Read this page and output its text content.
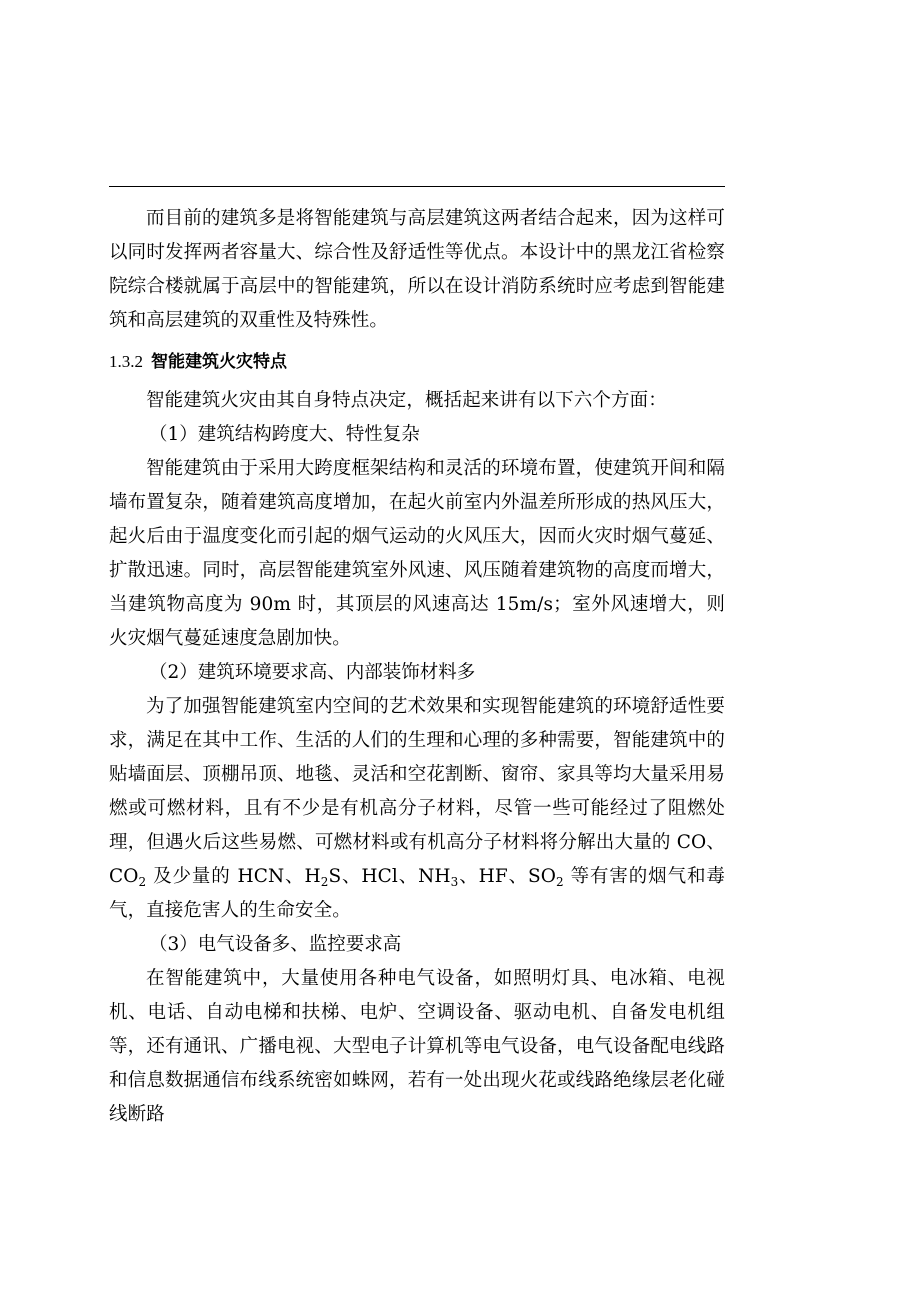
而目前的建筑多是将智能建筑与高层建筑这两者结合起来，因为这样可以同时发挥两者容量大、综合性及舒适性等优点。本设计中的黑龙江省检察院综合楼就属于高层中的智能建筑，所以在设计消防系统时应考虑到智能建筑和高层建筑的双重性及特殊性。

1.3.2 智能建筑火灾特点

智能建筑火灾由其自身特点决定，概括起来讲有以下六个方面：

（1）建筑结构跨度大、特性复杂

智能建筑由于采用大跨度框架结构和灵活的环境布置，使建筑开间和隔墙布置复杂，随着建筑高度增加，在起火前室内外温差所形成的热风压大，起火后由于温度变化而引起的烟气运动的火风压大，因而火灾时烟气蔓延、扩散迅速。同时，高层智能建筑室外风速、风压随着建筑物的高度而增大，当建筑物高度为 90m 时，其顶层的风速高达 15m/s；室外风速增大，则火灾烟气蔓延速度急剧加快。

（2）建筑环境要求高、内部装饰材料多

为了加强智能建筑室内空间的艺术效果和实现智能建筑的环境舒适性要求，满足在其中工作、生活的人们的生理和心理的多种需要，智能建筑中的贴墙面层、顶棚吊顶、地毯、灵活和空花割断、窗帘、家具等均大量采用易燃或可燃材料，且有不少是有机高分子材料，尽管一些可能经过了阻燃处理，但遇火后这些易燃、可燃材料或有机高分子材料将分解出大量的 CO、$CO_2$ 及少量的 HCN、$H_2S$、HCl、$NH_3$、HF、$SO_2$ 等有害的烟气和毒气，直接危害人的生命安全。

（3）电气设备多、监控要求高

在智能建筑中，大量使用各种电气设备，如照明灯具、电冰箱、电视机、电话、自动电梯和扶梯、电炉、空调设备、驱动电机、自备发电机组等，还有通讯、广播电视、大型电子计算机等电气设备，电气设备配电线路和信息数据通信布线系统密如蛛网，若有一处出现火花或线路绝缘层老化碰线断路
